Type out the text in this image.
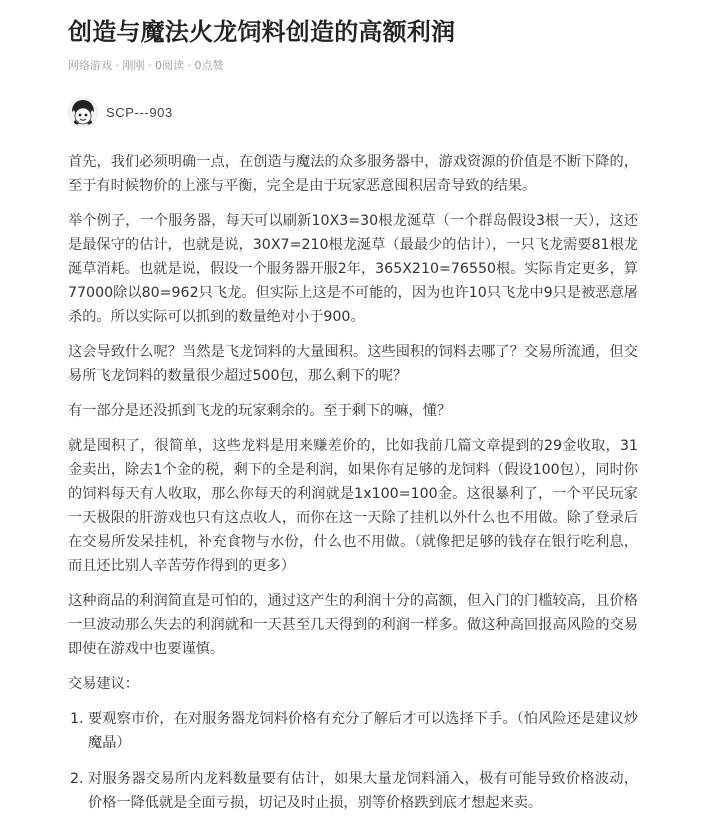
创造与魔法火龙饲料创造的高额利润
网络游戏 · 刚刚 · 0阅读 · 0点赞
SCP---903

首先，我们必须明确一点，在创造与魔法的众多服务器中，游戏资源的价值是不断下降的，至于有时候物价的上涨与平衡，完全是由于玩家恶意囤积居奇导致的结果。

举个例子，一个服务器，每天可以刷新10X3=30根龙涎草（一个群岛假设3根一天），这还是最保守的估计，也就是说，30X7=210根龙涎草（最最少的估计），一只飞龙需要81根龙涎草消耗。也就是说，假设一个服务器开服2年，365X210=76550根。实际肯定更多，算77000除以80=962只飞龙。但实际上这是不可能的，因为也许10只飞龙中9只是被恶意屠杀的。所以实际可以抓到的数量绝对小于900。

这会导致什么呢？当然是飞龙饲料的大量囤积。这些囤积的饲料去哪了？交易所流通，但交易所飞龙饲料的数量很少超过500包，那么剩下的呢？

有一部分是还没抓到飞龙的玩家剩余的。至于剩下的嘛，懂？

就是囤积了，很简单，这些龙料是用来赚差价的，比如我前几篇文章提到的29金收取，31金卖出，除去1个金的税，剩下的全是利润，如果你有足够的龙饲料（假设100包），同时你的饲料每天有人收取，那么你每天的利润就是1x100=100金。这很暴利了，一个平民玩家一天极限的肝游戏也只有这点收人，而你在这一天除了挂机以外什么也不用做。除了登录后在交易所发呆挂机，补充食物与水份，什么也不用做。（就像把足够的钱存在银行吃利息，而且还比别人辛苦劳作得到的更多）

这种商品的利润简直是可怕的，通过这产生的利润十分的高额，但入门的门槛较高，且价格一旦波动那么失去的利润就和一天甚至几天得到的利润一样多。做这种高回报高风险的交易即使在游戏中也要谨慎。

交易建议：

1. 要观察市价，在对服务器龙饲料价格有充分了解后才可以选择下手。（怕风险还是建议炒魔晶）
2. 对服务器交易所内龙料数量要有估计，如果大量龙饲料涌入，极有可能导致价格波动，价格一降低就是全面亏损，切记及时止损，别等价格跌到底才想起来卖。
